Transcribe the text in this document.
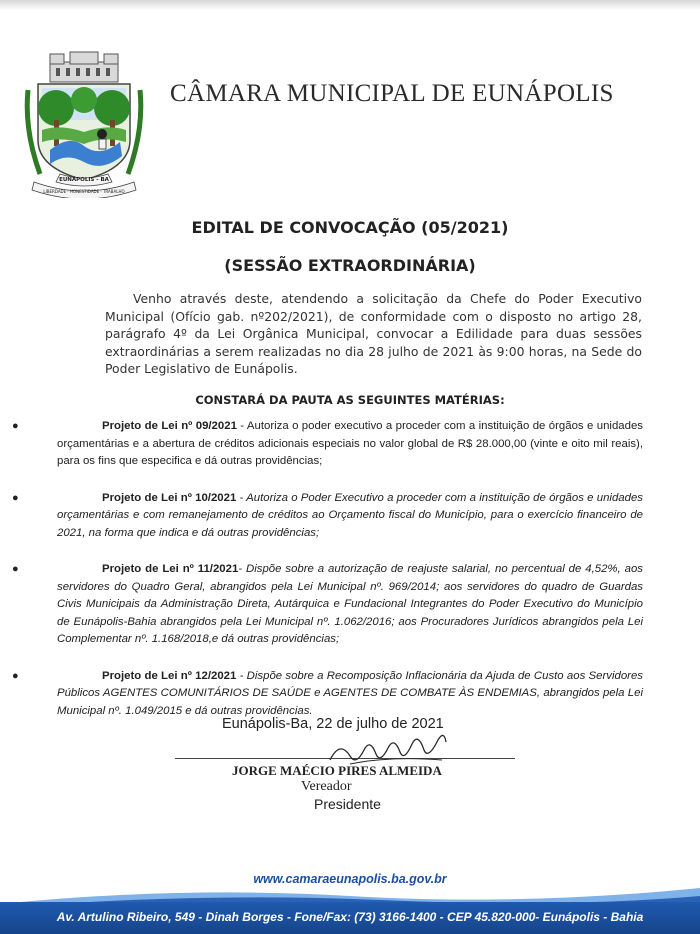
EUNÁPOLIS - BA
LIBERDADE · HONESTIDADE · TRABALHO
CÂMARA MUNICIPAL DE EUNÁPOLIS
EDITAL DE CONVOCAÇÃO (05/2021)
(SESSÃO EXTRAORDINÁRIA)
Venho através deste, atendendo a solicitação da Chefe do Poder Executivo Municipal (Ofício gab. nº202/2021), de conformidade com o disposto no artigo 28, parágrafo 4º da Lei Orgânica Municipal, convocar a Edilidade para duas sessões extraordinárias a serem realizadas no dia 28 julho de 2021 às 9:00 horas, na Sede do Poder Legislativo de Eunápolis.
CONSTARÁ DA PAUTA AS SEGUINTES MATÉRIAS:
●	Projeto de Lei nº 09/2021 - Autoriza o poder executivo a proceder com a instituição de órgãos e unidades orçamentárias e a abertura de créditos adicionais especiais no valor global de R$ 28.000,00 (vinte e oito mil reais), para os fins que especifica e dá outras providências;
●	Projeto de Lei nº 10/2021 - Autoriza o Poder Executivo a proceder com a instituição de órgãos e unidades orçamentárias e com remanejamento de créditos ao Orçamento fiscal do Município, para o exercício financeiro de 2021, na forma que indica e dá outras providências;
●	Projeto de Lei nº 11/2021- Dispõe sobre a autorização de reajuste salarial, no percentual de 4,52%, aos servidores do Quadro Geral, abrangidos pela Lei Municipal nº. 969/2014; aos servidores do quadro de Guardas Civis Municipais da Administração Direta, Autárquica e Fundacional Integrantes do Poder Executivo do Município de Eunápolis-Bahia abrangidos pela Lei Municipal nº. 1.062/2016; aos Procuradores Jurídicos abrangidos pela Lei Complementar nº. 1.168/2018,e dá outras providências;
●	Projeto de Lei nº 12/2021 - Dispõe sobre a Recomposição Inflacionária da Ajuda de Custo aos Servidores Públicos AGENTES COMUNITÁRIOS DE SAÚDE e AGENTES DE COMBATE ÀS ENDEMIAS, abrangidos pela Lei Municipal nº. 1.049/2015 e dá outras providências.
Eunápolis-Ba, 22 de julho de 2021
JORGE MAÉCIO PIRES ALMEIDA
Vereador
Presidente
www.camaraeunapolis.ba.gov.br
Av. Artulino Ribeiro, 549 - Dinah Borges - Fone/Fax: (73) 3166-1400 - CEP 45.820-000- Eunápolis - Bahia
